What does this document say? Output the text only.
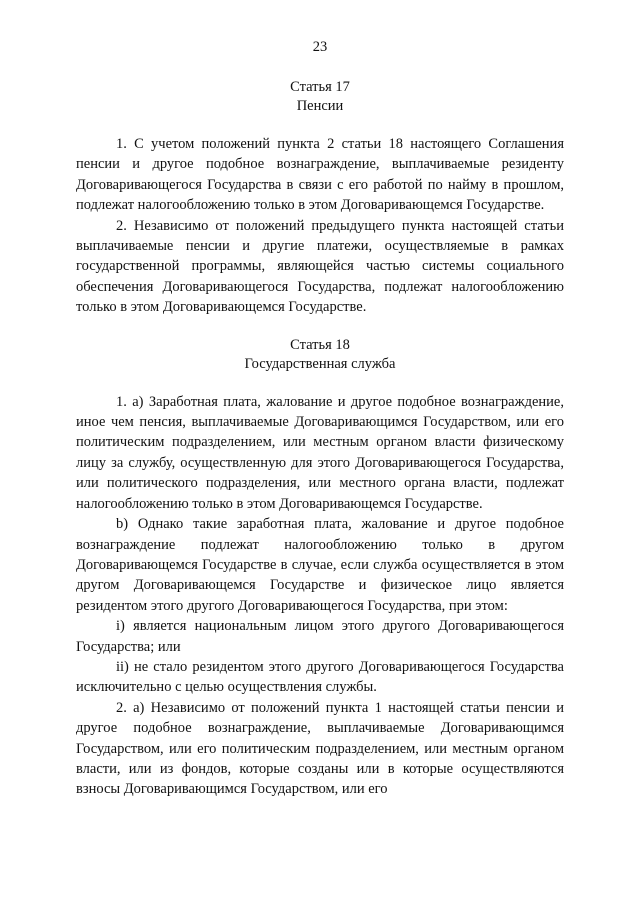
23
Статья 17
Пенсии

1. С учетом положений пункта 2 статьи 18 настоящего Соглашения пенсии и другое подобное вознаграждение, выплачиваемые резиденту Договаривающегося Государства в связи с его работой по найму в прошлом, подлежат налогообложению только в этом Договаривающемся Государстве.

2. Независимо от положений предыдущего пункта настоящей статьи выплачиваемые пенсии и другие платежи, осуществляемые в рамках государственной программы, являющейся частью системы социального обеспечения Договаривающегося Государства, подлежат налогообложению только в этом Договаривающемся Государстве.

Статья 18
Государственная служба

1. a) Заработная плата, жалование и другое подобное вознаграждение, иное чем пенсия, выплачиваемые Договаривающимся Государством, или его политическим подразделением, или местным органом власти физическому лицу за службу, осуществленную для этого Договаривающегося Государства, или политического подразделения, или местного органа власти, подлежат налогообложению только в этом Договаривающемся Государстве.

b) Однако такие заработная плата, жалование и другое подобное вознаграждение подлежат налогообложению только в другом Договаривающемся Государстве в случае, если служба осуществляется в этом другом Договаривающемся Государстве и физическое лицо является резидентом этого другого Договаривающегося Государства, при этом:

i) является национальным лицом этого другого Договаривающегося Государства; или

ii) не стало резидентом этого другого Договаривающегося Государства исключительно с целью осуществления службы.

2. a) Независимо от положений пункта 1 настоящей статьи пенсии и другое подобное вознаграждение, выплачиваемые Договаривающимся Государством, или его политическим подразделением, или местным органом власти, или из фондов, которые созданы или в которые осуществляются взносы Договаривающимся Государством, или его
